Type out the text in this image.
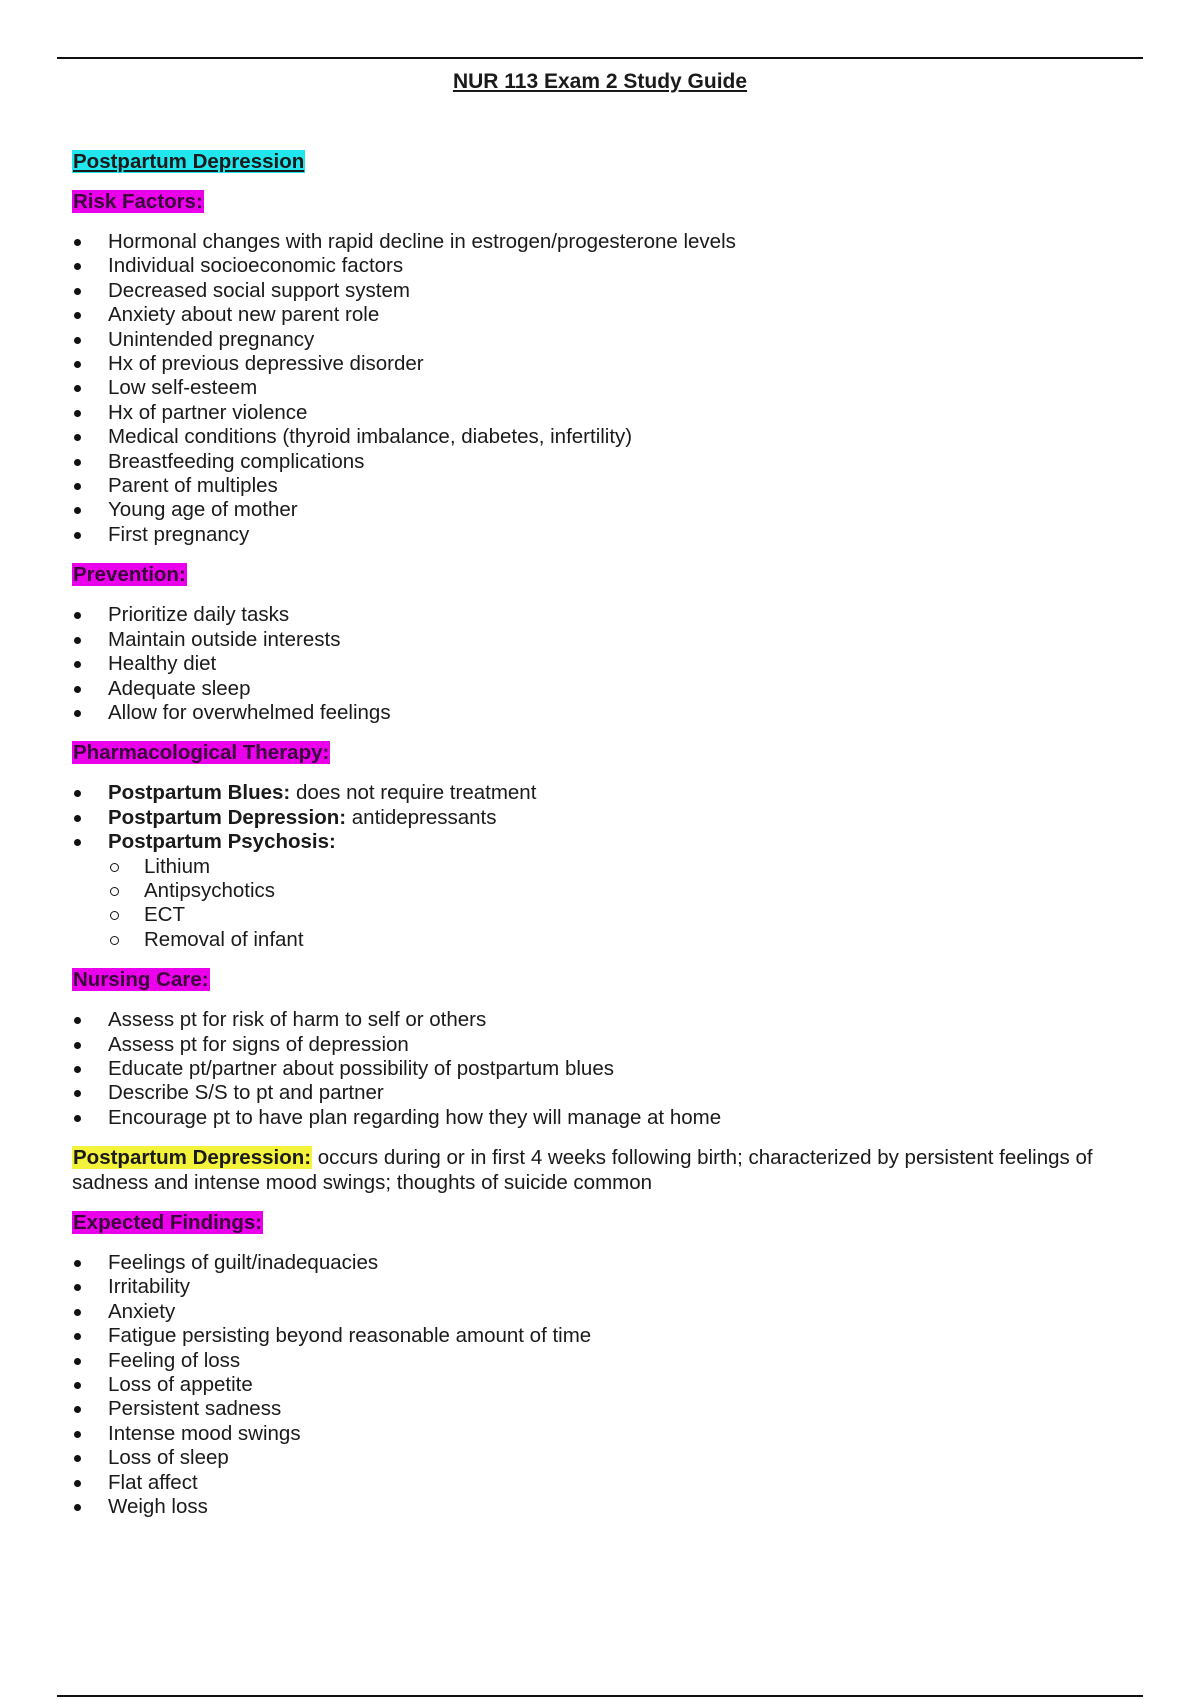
NUR 113 Exam 2 Study Guide

Postpartum Depression

Risk Factors:

Hormonal changes with rapid decline in estrogen/progesterone levels
Individual socioeconomic factors
Decreased social support system
Anxiety about new parent role
Unintended pregnancy
Hx of previous depressive disorder
Low self-esteem
Hx of partner violence
Medical conditions (thyroid imbalance, diabetes, infertility)
Breastfeeding complications
Parent of multiples
Young age of mother
First pregnancy

Prevention:

Prioritize daily tasks
Maintain outside interests
Healthy diet
Adequate sleep
Allow for overwhelmed feelings

Pharmacological Therapy:

Postpartum Blues: does not require treatment
Postpartum Depression: antidepressants
Postpartum Psychosis:
Lithium
Antipsychotics
ECT
Removal of infant

Nursing Care:

Assess pt for risk of harm to self or others
Assess pt for signs of depression
Educate pt/partner about possibility of postpartum blues
Describe S/S to pt and partner
Encourage pt to have plan regarding how they will manage at home

Postpartum Depression: occurs during or in first 4 weeks following birth; characterized by persistent feelings of sadness and intense mood swings; thoughts of suicide common

Expected Findings:

Feelings of guilt/inadequacies
Irritability
Anxiety
Fatigue persisting beyond reasonable amount of time
Feeling of loss
Loss of appetite
Persistent sadness
Intense mood swings
Loss of sleep
Flat affect
Weigh loss
